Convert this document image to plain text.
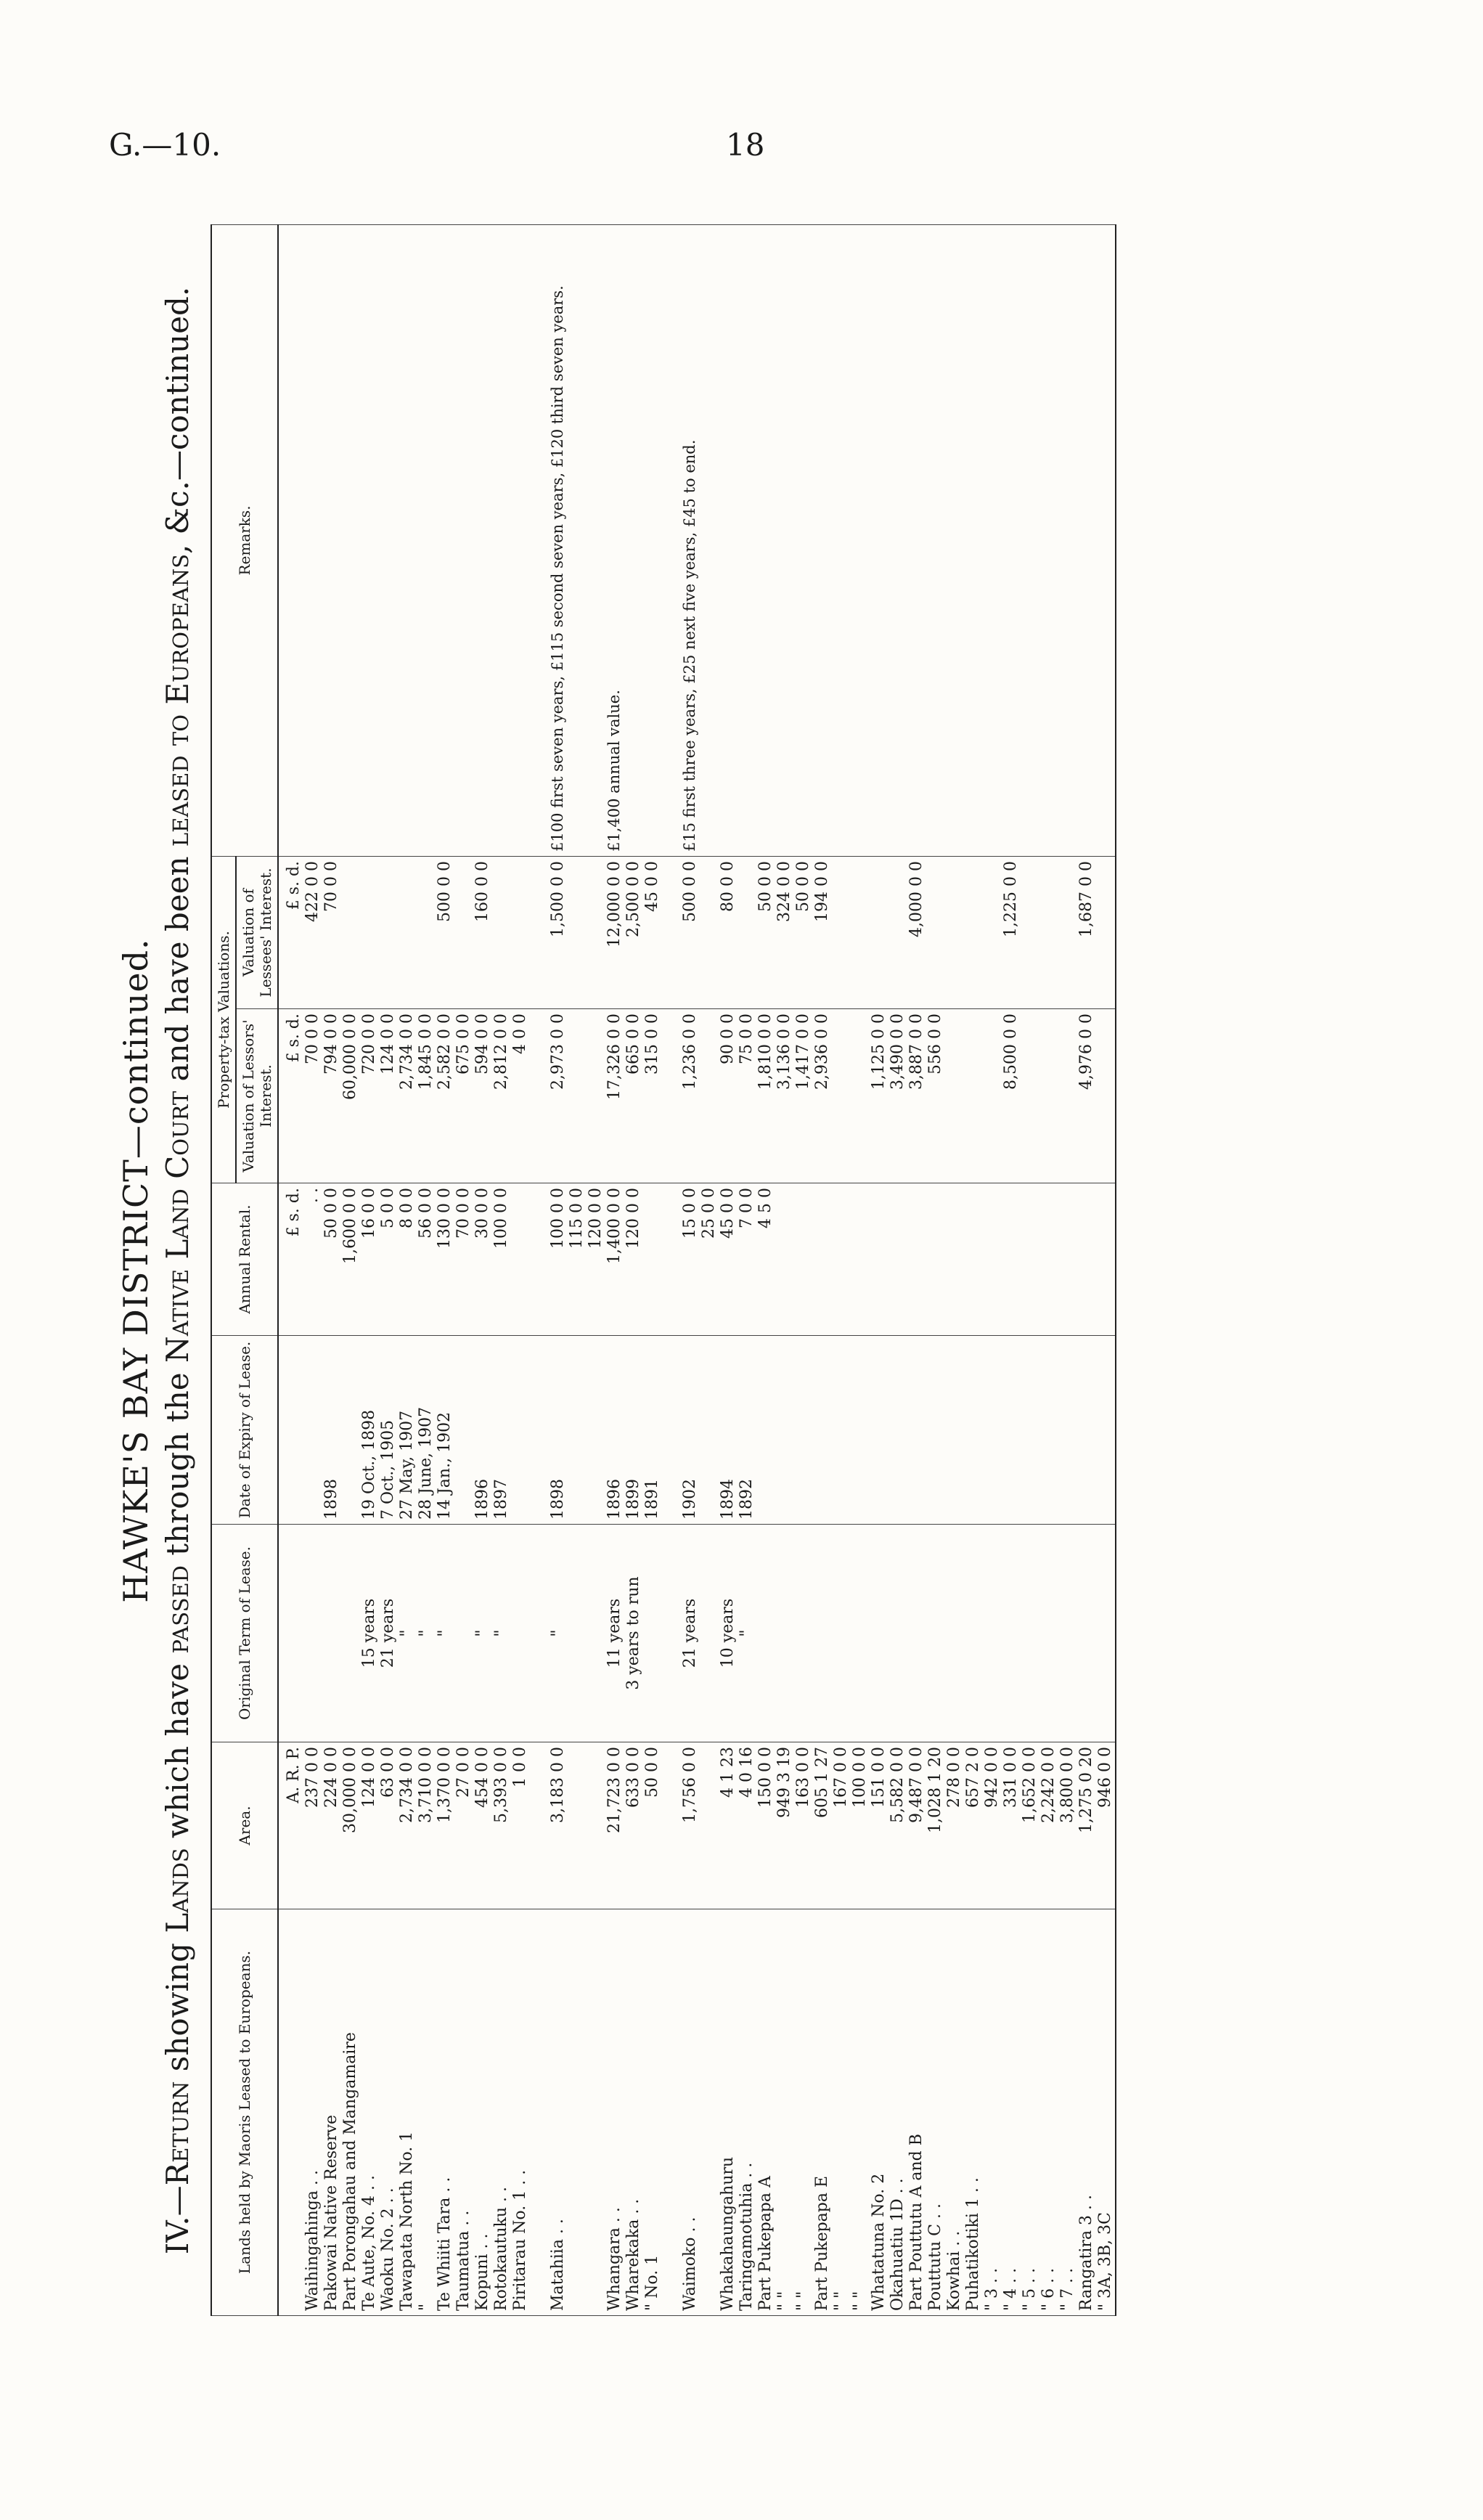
G.—10.	18
HAWKE'S BAY DISTRICT—continued.
IV.—Return showing Lands which have passed through the Native Land Court and have been leased to Europeans, &c.—continued.
Lands held by Maoris Leased to Europeans.	Area.	Original Term of Lease.	Date of Expiry of Lease.	Annual Rental.	Property-tax Valuations.		Remarks.
					Valuation of Lessors' Interest.	Valuation of Lessees' Interest.	
	A. R. P.			£ s. d.	£ s. d.	£ s. d.	
Waihingahinga . .	237 0 0			. .	70 0 0	422 0 0	
Pakowai Native Reserve	224 0 0		1898	50 0 0	794 0 0	70 0 0	
Part Porongahau and Mangamaire	30,000 0 0			1,600 0 0	60,000 0 0		
Te Aute, No. 4 . .	124 0 0	15 years	19 Oct., 1898	16 0 0	720 0 0		
Waoku No. 2 . .	63 0 0	21 years	7 Oct., 1905	5 0 0	124 0 0		
Tawapata North No. 1	2,734 0 0	"	27 May, 1907	8 0 0	2,734 0 0		
"	3,710 0 0	"	28 June, 1907	56 0 0	1,845 0 0		
Te Whiiti Tara . .	1,370 0 0	"	14 Jan., 1902	130 0 0	2,582 0 0	500 0 0	
Taumatua . .	27 0 0			70 0 0	675 0 0		
Kopuni . .	454 0 0	"	1896	30 0 0	594 0 0	160 0 0	
Rotokautuku . .	5,393 0 0	"	1897	100 0 0	2,812 0 0		
Piritarau No. 1 . .	1 0 0				4 0 0		

Matahiia . .	3,183 0 0	"	1898	100 0 0	2,973 0 0	1,500 0 0	£100 first seven years, £115 second seven years, £120 third seven years.
				115 0 0			
				120 0 0			
Whangara . .	21,723 0 0	11 years	1896	1,400 0 0	17,326 0 0	12,000 0 0	£1,400 annual value.
Wharekaka . .	633 0 0	3 years to run	1899	120 0 0	665 0 0	2,500 0 0	
" No. 1	50 0 0		1891		315 0 0	45 0 0	

Waimoko . .	1,756 0 0	21 years	1902	15 0 0	1,236 0 0	500 0 0	£15 first three years, £25 next five years, £45 to end.
				25 0 0			
Whakahaungahuru	4 1 23	10 years	1894	45 0 0	90 0 0	80 0 0	
Taringamotuhia . .	4 0 16	"	1892	7 0 0	75 0 0		
Part Pukepapa A	150 0 0			4 5 0	1,810 0 0	50 0 0	
" "	949 3 19				3,136 0 0	324 0 0	
" "	163 0 0				1,417 0 0	50 0 0	
Part Pukepapa E	605 1 27				2,936 0 0	194 0 0	
" "	167 0 0						
" "	100 0 0						
Whatatuna No. 2	151 0 0				1,125 0 0		
Okahuatiu 1D . .	5,582 0 0				3,490 0 0		
Part Pouttutu A and B	9,487 0 0				3,887 0 0	4,000 0 0	
Pouttutu C . .	1,028 1 20				556 0 0		
Kowhai . .	278 0 0						
Puhatikotiki 1 . .	657 2 0						
" 3 . .	942 0 0						
" 4 . .	331 0 0				8,500 0 0	1,225 0 0	
" 5 . .	1,652 0 0						
" 6 . .	2,242 0 0						
" 7 . .	3,800 0 0						
Rangatira 3 . .	1,275 0 20				4,976 0 0	1,687 0 0	
" 3A, 3B, 3C	946 0 0						
